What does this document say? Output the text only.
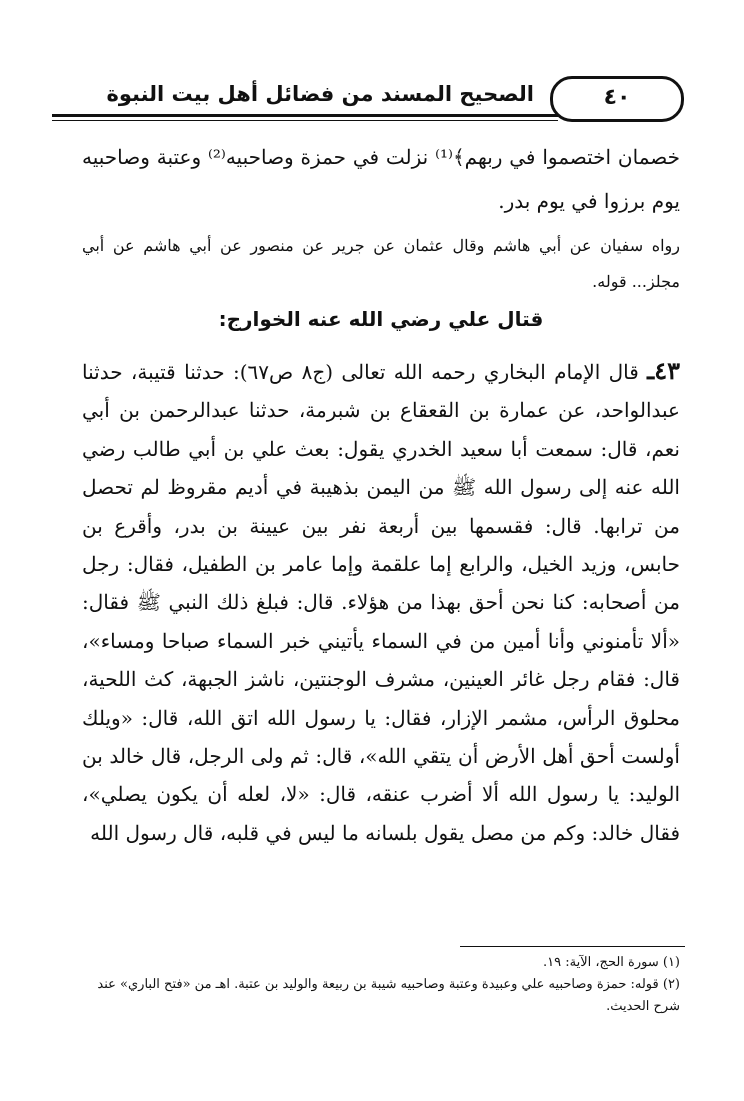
الصحيح المسند من فضائل أهل بيت النبوة	٤٠
خصمان اختصموا في ربهم﴾⁽¹⁾ نزلت في حمزة وصاحبيه⁽²⁾ وعتبة وصاحبيه يوم برزوا في يوم بدر.
رواه سفيان عن أبي هاشم وقال عثمان عن جرير عن منصور عن أبي هاشم عن أبي مجلز... قوله.
قتال علي رضي الله عنه الخوارج:
٤٣ـ قال الإمام البخاري رحمه الله تعالى (ج٨ ص٦٧): حدثنا قتيبة، حدثنا عبدالواحد، عن عمارة بن القعقاع بن شبرمة، حدثنا عبدالرحمن بن أبي نعم، قال: سمعت أبا سعيد الخدري يقول: بعث علي بن أبي طالب رضي الله عنه إلى رسول الله ﷺ من اليمن بذهيبة في أديم مقروظ لم تحصل من ترابها. قال: فقسمها بين أربعة نفر بين عيينة بن بدر، وأقرع بن حابس، وزيد الخيل، والرابع إما علقمة وإما عامر بن الطفيل، فقال: رجل من أصحابه: كنا نحن أحق بهذا من هؤلاء. قال: فبلغ ذلك النبي ﷺ فقال: «ألا تأمنوني وأنا أمين من في السماء يأتيني خبر السماء صباحا ومساء»، قال: فقام رجل غائر العينين، مشرف الوجنتين، ناشز الجبهة، كث اللحية، محلوق الرأس، مشمر الإزار، فقال: يا رسول الله اتق الله، قال: «ويلك أولست أحق أهل الأرض أن يتقي الله»، قال: ثم ولى الرجل، قال خالد بن الوليد: يا رسول الله ألا أضرب عنقه، قال: «لا، لعله أن يكون يصلي»، فقال خالد: وكم من مصل يقول بلسانه ما ليس في قلبه، قال رسول الله

(١) سورة الحج، الآية: ١٩.

(٢) قوله: حمزة وصاحبيه علي وعبيدة وعتبة وصاحبيه شيبة بن ربيعة والوليد بن عتبة. اهـ من «فتح الباري» عند شرح الحديث.
